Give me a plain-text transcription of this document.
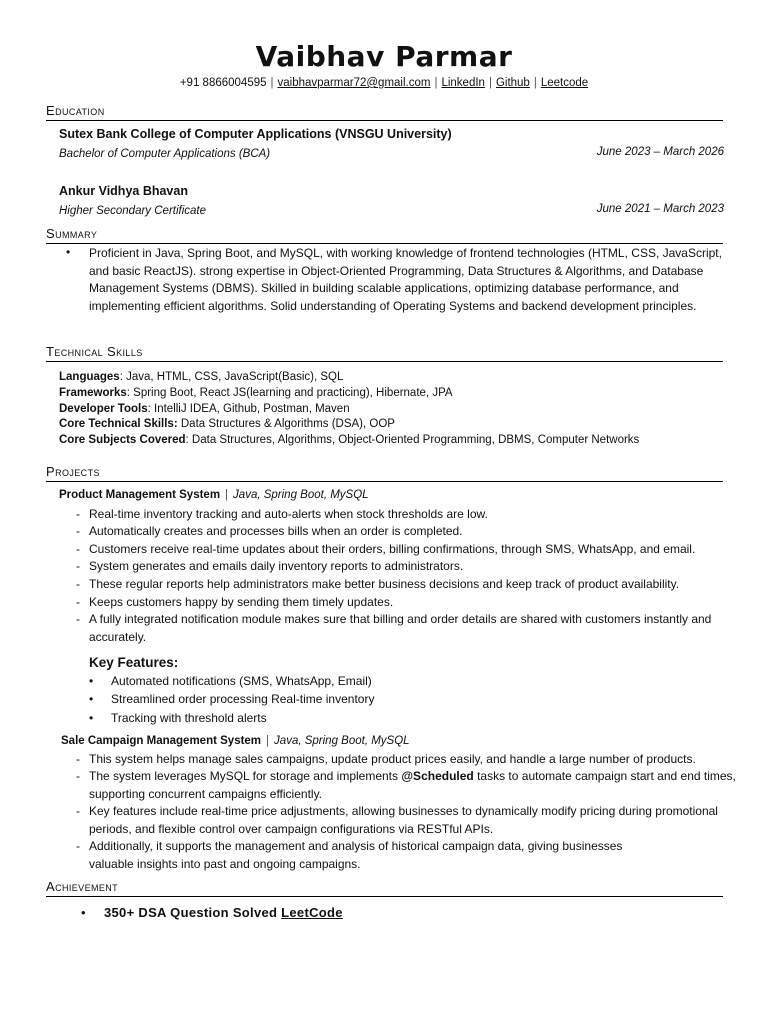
Vaibhav Parmar
+91 8866004595 | vaibhavparmar72@gmail.com | LinkedIn | Github | Leetcode
Education
Sutex Bank College of Computer Applications (VNSGU University)
Bachelor of Computer Applications (BCA)	June 2023 – March 2026
Ankur Vidhya Bhavan
Higher Secondary Certificate	June 2021 – March 2023
Summary
• Proficient in Java, Spring Boot, and MySQL, with working knowledge of frontend technologies (HTML, CSS, JavaScript, and basic ReactJS). strong expertise in Object-Oriented Programming, Data Structures & Algorithms, and Database Management Systems (DBMS). Skilled in building scalable applications, optimizing database performance, and implementing efficient algorithms. Solid understanding of Operating Systems and backend development principles.
Technical Skills
Languages: Java, HTML, CSS, JavaScript(Basic), SQL
Frameworks: Spring Boot, React JS(learning and practicing), Hibernate, JPA
Developer Tools: IntelliJ IDEA, Github, Postman, Maven
Core Technical Skills: Data Structures & Algorithms (DSA), OOP
Core Subjects Covered: Data Structures, Algorithms, Object-Oriented Programming, DBMS, Computer Networks
Projects
Product Management System | Java, Spring Boot, MySQL
- Real-time inventory tracking and auto-alerts when stock thresholds are low.
- Automatically creates and processes bills when an order is completed.
- Customers receive real-time updates about their orders, billing confirmations, through SMS, WhatsApp, and email.
- System generates and emails daily inventory reports to administrators.
- These regular reports help administrators make better business decisions and keep track of product availability.
- Keeps customers happy by sending them timely updates.
- A fully integrated notification module makes sure that billing and order details are shared with customers instantly and accurately.
Key Features:
• Automated notifications (SMS, WhatsApp, Email)
• Streamlined order processing Real-time inventory
• Tracking with threshold alerts
Sale Campaign Management System | Java, Spring Boot, MySQL
- This system helps manage sales campaigns, update product prices easily, and handle a large number of products.
- The system leverages MySQL for storage and implements @Scheduled tasks to automate campaign start and end times, supporting concurrent campaigns efficiently.
- Key features include real-time price adjustments, allowing businesses to dynamically modify pricing during promotional periods, and flexible control over campaign configurations via RESTful APIs.
- Additionally, it supports the management and analysis of historical campaign data, giving businesses valuable insights into past and ongoing campaigns.
Achievement
• 350+ DSA Question Solved LeetCode
